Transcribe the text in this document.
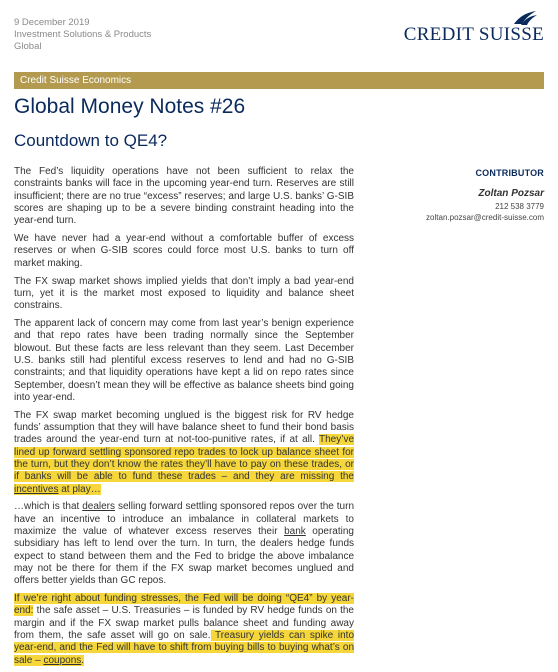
9 December 2019
Investment Solutions & Products
Global
CREDIT SUISSE
Credit Suisse Economics
Global Money Notes #26
Countdown to QE4?
CONTRIBUTOR
Zoltan Pozsar
212 538 3779
zoltan.pozsar@credit-suisse.com

The Fed’s liquidity operations have not been sufficient to relax the constraints banks will face in the upcoming year-end turn. Reserves are still insufficient; there are no true “excess” reserves; and large U.S. banks’ G-SIB scores are shaping up to be a severe binding constraint heading into the year-end turn.

We have never had a year-end without a comfortable buffer of excess reserves or when G-SIB scores could force most U.S. banks to turn off market making.

The FX swap market shows implied yields that don’t imply a bad year-end turn, yet it is the market most exposed to liquidity and balance sheet constrains.

The apparent lack of concern may come from last year’s benign experience and that repo rates have been trading normally since the September blowout. But these facts are less relevant than they seem. Last December U.S. banks still had plentiful excess reserves to lend and had no G-SIB constraints; and that liquidity operations have kept a lid on repo rates since September, doesn’t mean they will be effective as balance sheets bind going into year-end.

The FX swap market becoming unglued is the biggest risk for RV hedge funds’ assumption that they will have balance sheet to fund their bond basis trades around the year-end turn at not-too-punitive rates, if at all. They’ve lined up forward settling sponsored repo trades to lock up balance sheet for the turn, but they don’t know the rates they’ll have to pay on these trades, or if banks will be able to fund these trades – and they are missing the incentives at play…

…which is that dealers selling forward settling sponsored repos over the turn have an incentive to introduce an imbalance in collateral markets to maximize the value of whatever excess reserves their bank operating subsidiary has left to lend over the turn. In turn, the dealers hedge funds expect to stand between them and the Fed to bridge the above imbalance may not be there for them if the FX swap market becomes unglued and offers better yields than GC repos.

If we’re right about funding stresses, the Fed will be doing “QE4” by year-end: the safe asset – U.S. Treasuries – is funded by RV hedge funds on the margin and if the FX swap market pulls balance sheet and funding away from them, the safe asset will go on sale. Treasury yields can spike into year-end, and the Fed will have to shift from buying bills to buying what’s on sale – coupons.
